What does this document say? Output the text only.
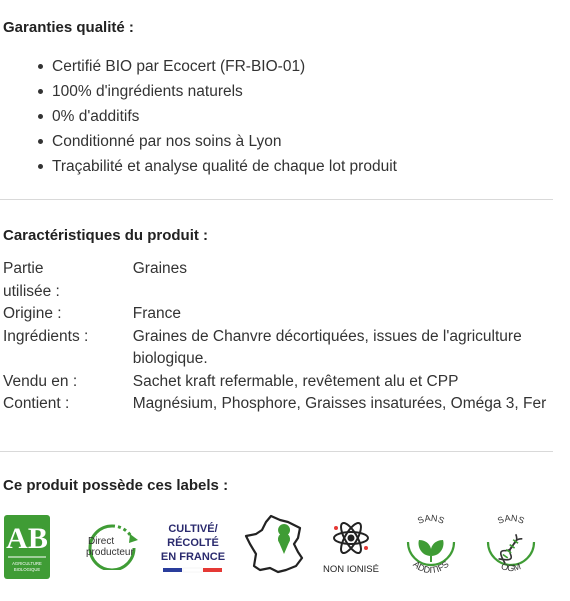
Garanties qualité :
Certifié BIO par Ecocert (FR-BIO-01)
100% d'ingrédients naturels
0% d'additifs
Conditionné par nos soins à Lyon
Traçabilité et analyse qualité de chaque lot produit
Caractéristiques du produit :
Partie utilisée :	Graines
Origine :	France
Ingrédients :	Graines de Chanvre décortiquées, issues de l'agriculture biologique.
Vendu en :	Sachet kraft refermable, revêtement alu et CPP
Contient :	Magnésium, Phosphore, Graisses insaturées, Oméga 3, Fer
Ce produit possède ces labels :
AB
AGRICULTURE
BIOLOGIQUE
Direct
producteur
CULTIVÉ/
RÉCOLTÉ
EN FRANCE
NON IONISÉ
SANS
ADDITIFS
SANS
OGM
